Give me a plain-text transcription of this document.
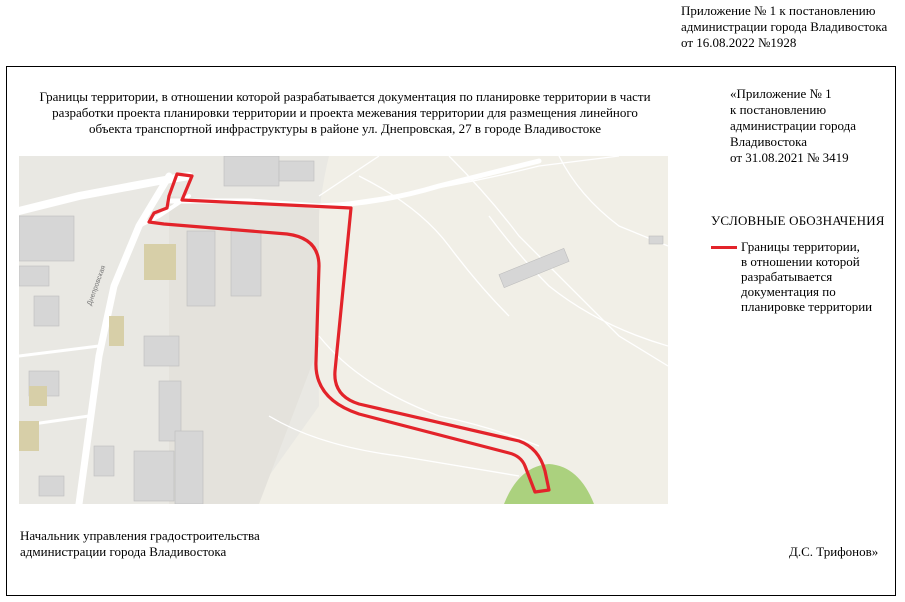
Приложение № 1 к постановлению
администрации города Владивостока
от 16.08.2022 №1928
Границы территории, в отношении которой разрабатывается документация по планировке территории в части
разработки проекта планировки территории и проекта межевания территории для размещения линейного
объекта транспортной инфраструктуры в районе ул. Днепровская, 27 в городе Владивостоке
«Приложение № 1
к постановлению
администрации города
Владивостока
от 31.08.2021 № 3419
Днепровская
УСЛОВНЫЕ ОБОЗНАЧЕНИЯ
Границы территории,
в отношении которой
разрабатывается
документация по
планировке территории
Начальник управления градостроительства
администрации города Владивостока	Д.С. Трифонов»
